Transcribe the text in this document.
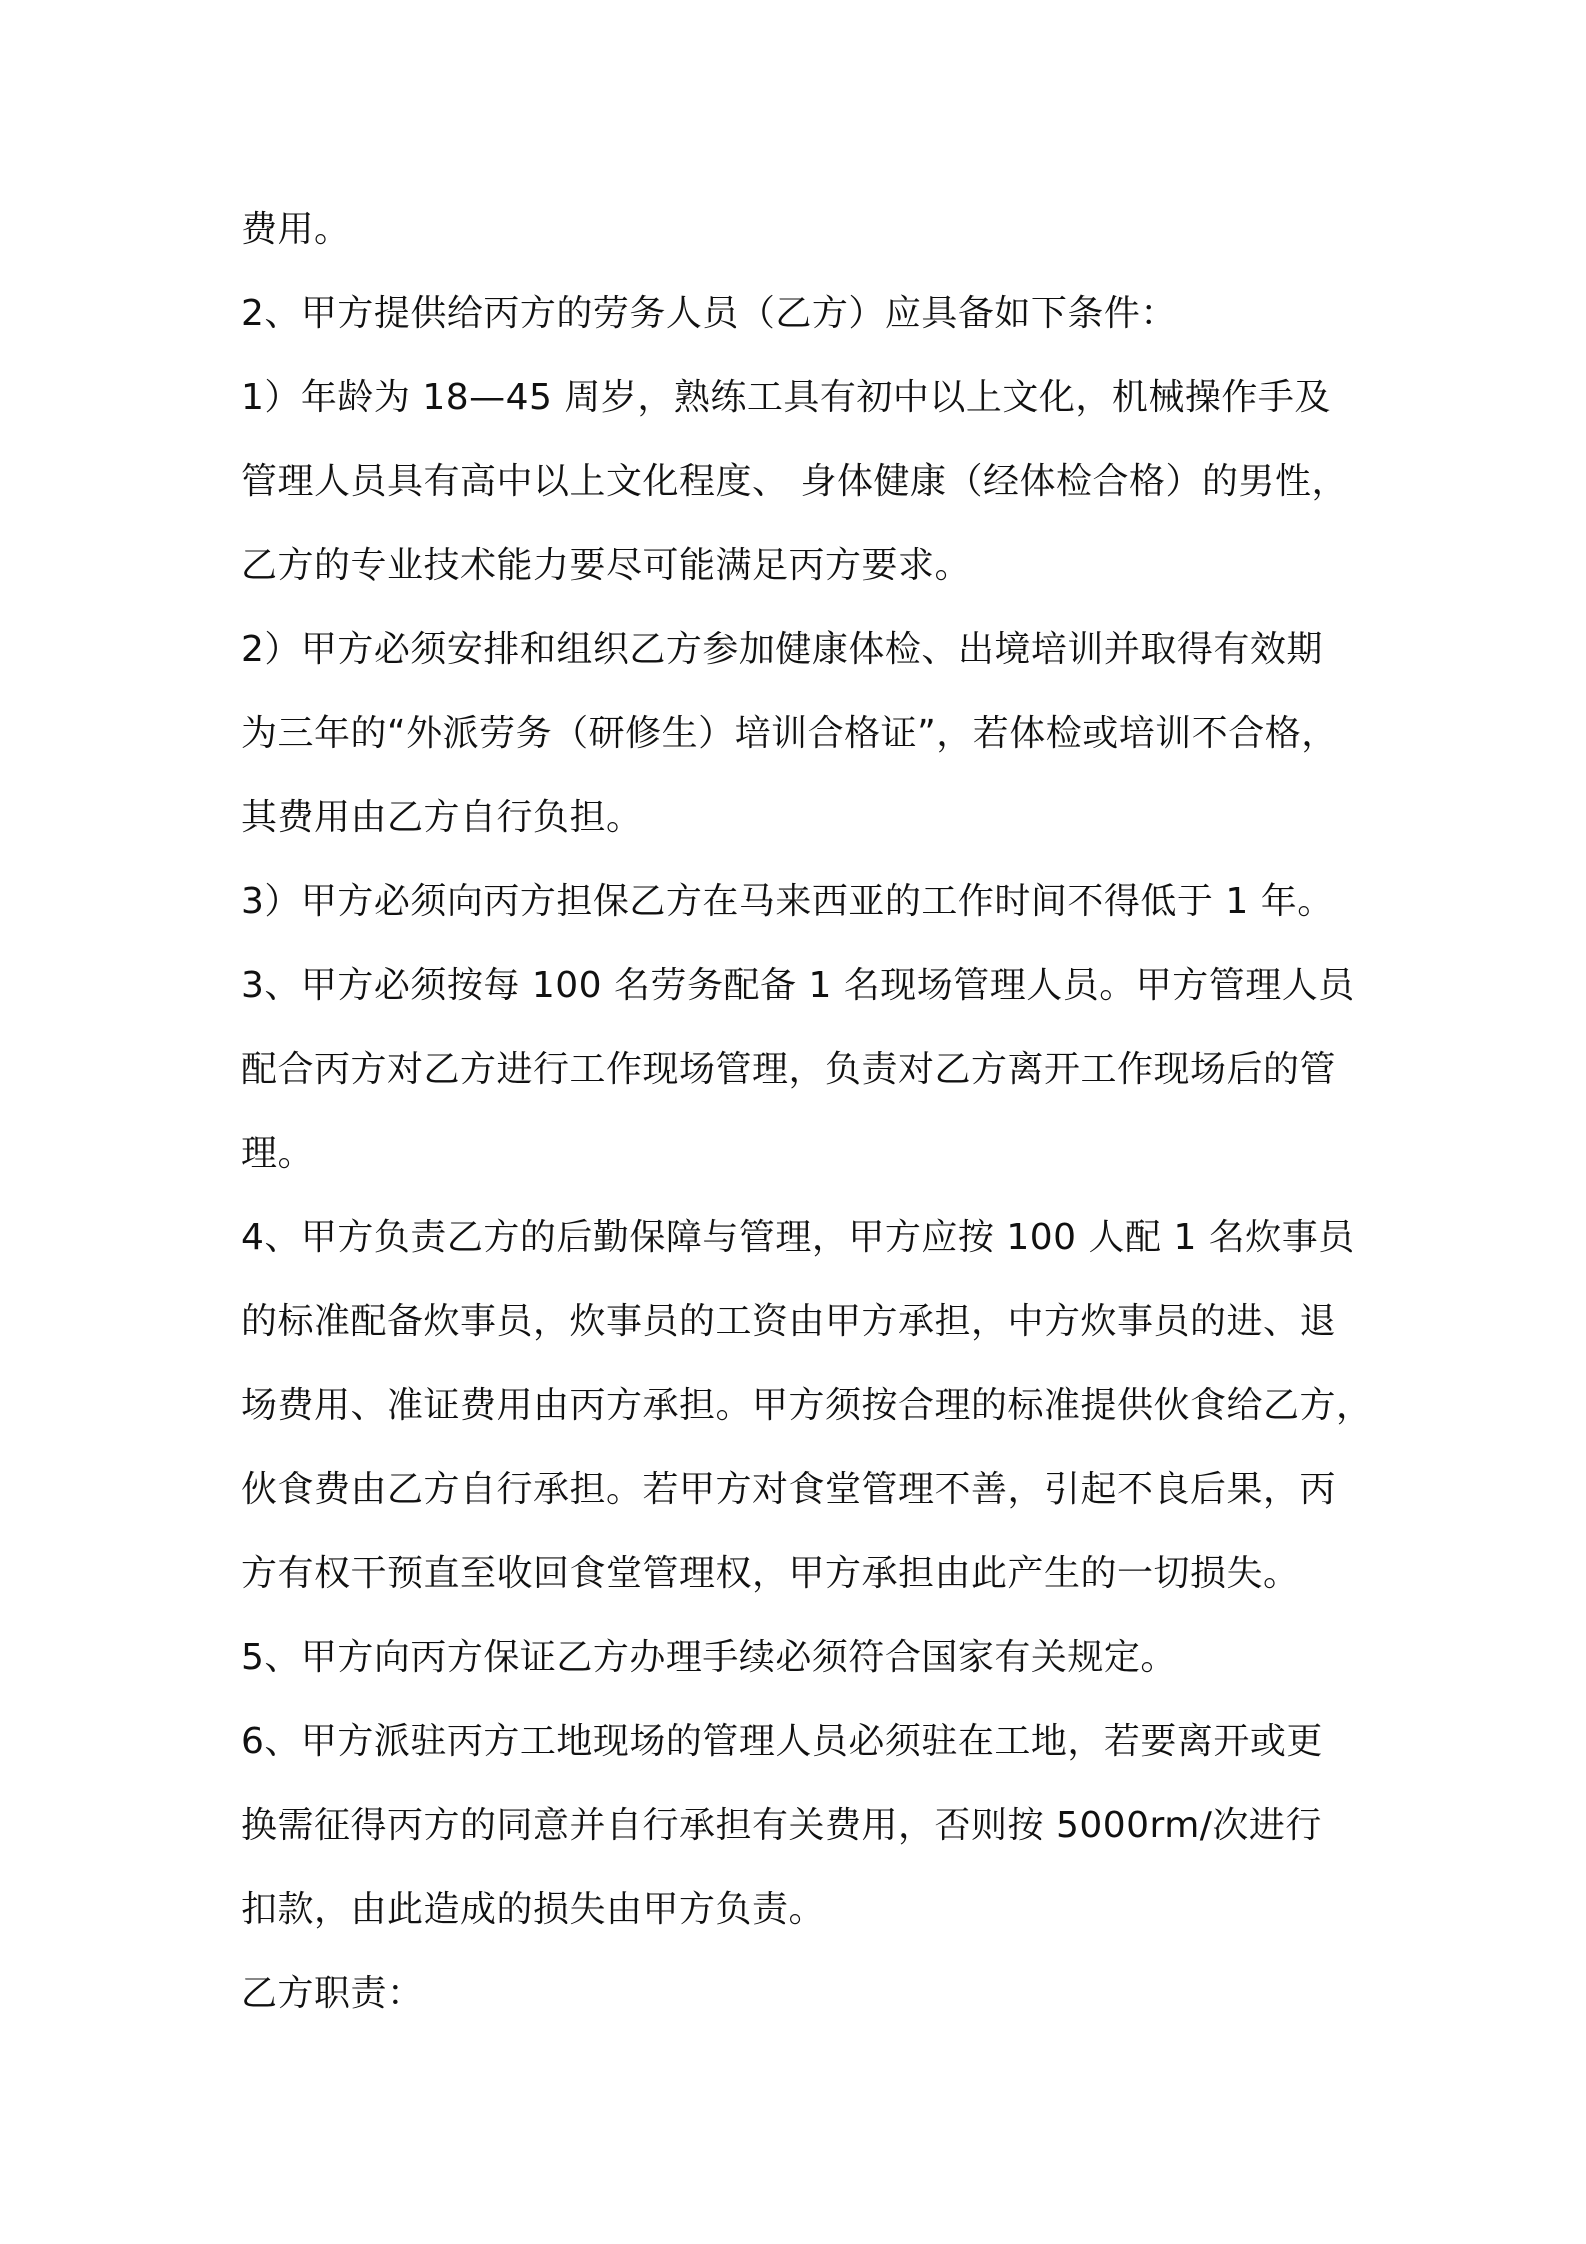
费用。
2、甲方提供给丙方的劳务人员（乙方）应具备如下条件：
1）年龄为 18—45 周岁，熟练工具有初中以上文化，机械操作手及
管理人员具有高中以上文化程度、 身体健康（经体检合格）的男性，
乙方的专业技术能力要尽可能满足丙方要求。
2）甲方必须安排和组织乙方参加健康体检、出境培训并取得有效期
为三年的“外派劳务（研修生）培训合格证”，若体检或培训不合格，
其费用由乙方自行负担。
3）甲方必须向丙方担保乙方在马来西亚的工作时间不得低于 1 年。
3、甲方必须按每 100 名劳务配备 1 名现场管理人员。甲方管理人员
配合丙方对乙方进行工作现场管理，负责对乙方离开工作现场后的管
理。
4、甲方负责乙方的后勤保障与管理，甲方应按 100 人配 1 名炊事员
的标准配备炊事员，炊事员的工资由甲方承担，中方炊事员的进、退
场费用、准证费用由丙方承担。甲方须按合理的标准提供伙食给乙方，
伙食费由乙方自行承担。若甲方对食堂管理不善，引起不良后果，丙
方有权干预直至收回食堂管理权，甲方承担由此产生的一切损失。
5、甲方向丙方保证乙方办理手续必须符合国家有关规定。
6、甲方派驻丙方工地现场的管理人员必须驻在工地，若要离开或更
换需征得丙方的同意并自行承担有关费用，否则按 5000rm/次进行
扣款，由此造成的损失由甲方负责。
乙方职责：
